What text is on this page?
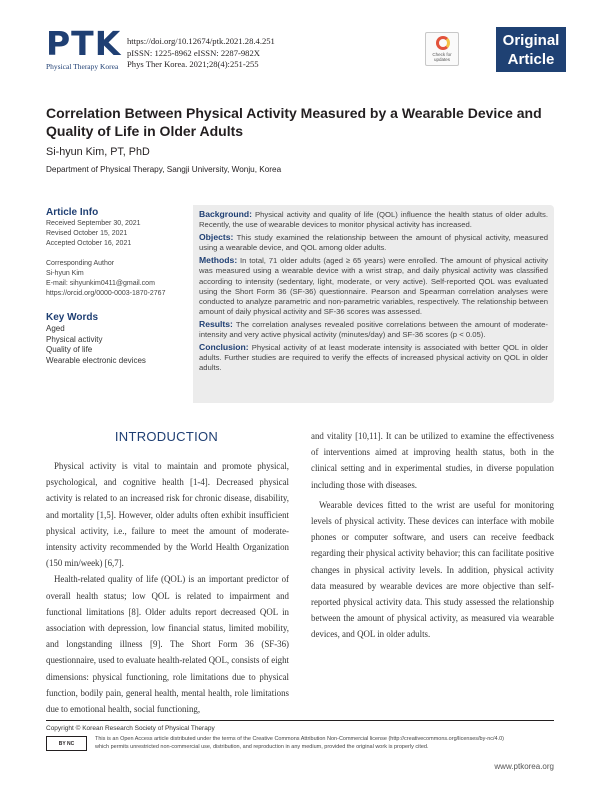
PTK
Physical Therapy Korea
https://doi.org/10.12674/ptk.2021.28.4.251
pISSN: 1225-8962 eISSN: 2287-982X
Phys Ther Korea. 2021;28(4):251-255
Check for updates
Original
Article
Correlation Between Physical Activity Measured by a Wearable Device and
Quality of Life in Older Adults
Si-hyun Kim, PT, PhD
Department of Physical Therapy, Sangji University, Wonju, Korea
Article Info
Received September 30, 2021
Revised October 15, 2021
Accepted October 16, 2021
Corresponding Author
Si-hyun Kim
E-mail: sihyunkim0411@gmail.com
https://orcid.org/0000-0003-1870-2767
Key Words
Aged
Physical activity
Quality of life
Wearable electronic devices

Background: Physical activity and quality of life (QOL) influence the health status of older adults. Recently, the use of wearable devices to monitor physical activity has increased.

Objects: This study examined the relationship between the amount of physical activity, measured using a wearable device, and QOL among older adults.

Methods: In total, 71 older adults (aged ≥ 65 years) were enrolled. The amount of physical activity was measured using a wearable device with a wrist strap, and daily physical activity was classified according to intensity (sedentary, light, moderate, or very active). Self-reported QOL was evaluated using the Short Form 36 (SF-36) questionnaire. Pearson and Spearman correlation analyses were conducted to analyze parametric and non-parametric variables, respectively. The relationship between amount of daily physical activity and SF-36 scores was assessed.

Results: The correlation analyses revealed positive correlations between the amount of moderate-intensity and very active physical activity (minutes/day) and SF-36 scores (p < 0.05).

Conclusion: Physical activity of at least moderate intensity is associated with better QOL in older adults. Further studies are required to verify the effects of increased physical activity on QOL in older adults.

INTRODUCTION

Physical activity is vital to maintain and promote physical, psychological, and cognitive health [1-4]. Decreased physical activity is related to an increased risk for chronic disease, disability, and mortality [1,5]. However, older adults often exhibit insufficient physical activity, i.e., failure to meet the amount of moderate-intensity activity recommended by the World Health Organization (150 min/week) [6,7].

Health-related quality of life (QOL) is an important predictor of overall health status; low QOL is related to impairment and functional limitations [8]. Older adults report decreased QOL in association with depression, low financial status, limited mobility, and longstanding illness [9]. The Short Form 36 (SF-36) questionnaire, used to evaluate health-related QOL, consists of eight dimensions: physical functioning, role limitations due to physical function, bodily pain, general health, mental health, role limitations due to emotional health, social functioning,

and vitality [10,11]. It can be utilized to examine the effectiveness of interventions aimed at improving health status, both in the clinical setting and in experimental studies, in diverse population including those with diseases.

Wearable devices fitted to the wrist are useful for monitoring levels of physical activity. These devices can interface with mobile phones or computer software, and users can receive feedback regarding their physical activity behavior; this can facilitate positive changes in physical activity levels. In addition, physical activity data measured by wearable devices are more objective than self-reported physical activity data. This study assessed the relationship between the amount of physical activity, as measured via wearable devices, and QOL in older adults.

Copyright © Korean Research Society of Physical Therapy
BY NC
This is an Open Access article distributed under the terms of the Creative Commons Attribution Non-Commercial license (http://creativecommons.org/licenses/by-nc/4.0)
which permits unrestricted non-commercial use, distribution, and reproduction in any medium, provided the original work is properly cited.
www.ptkorea.org
